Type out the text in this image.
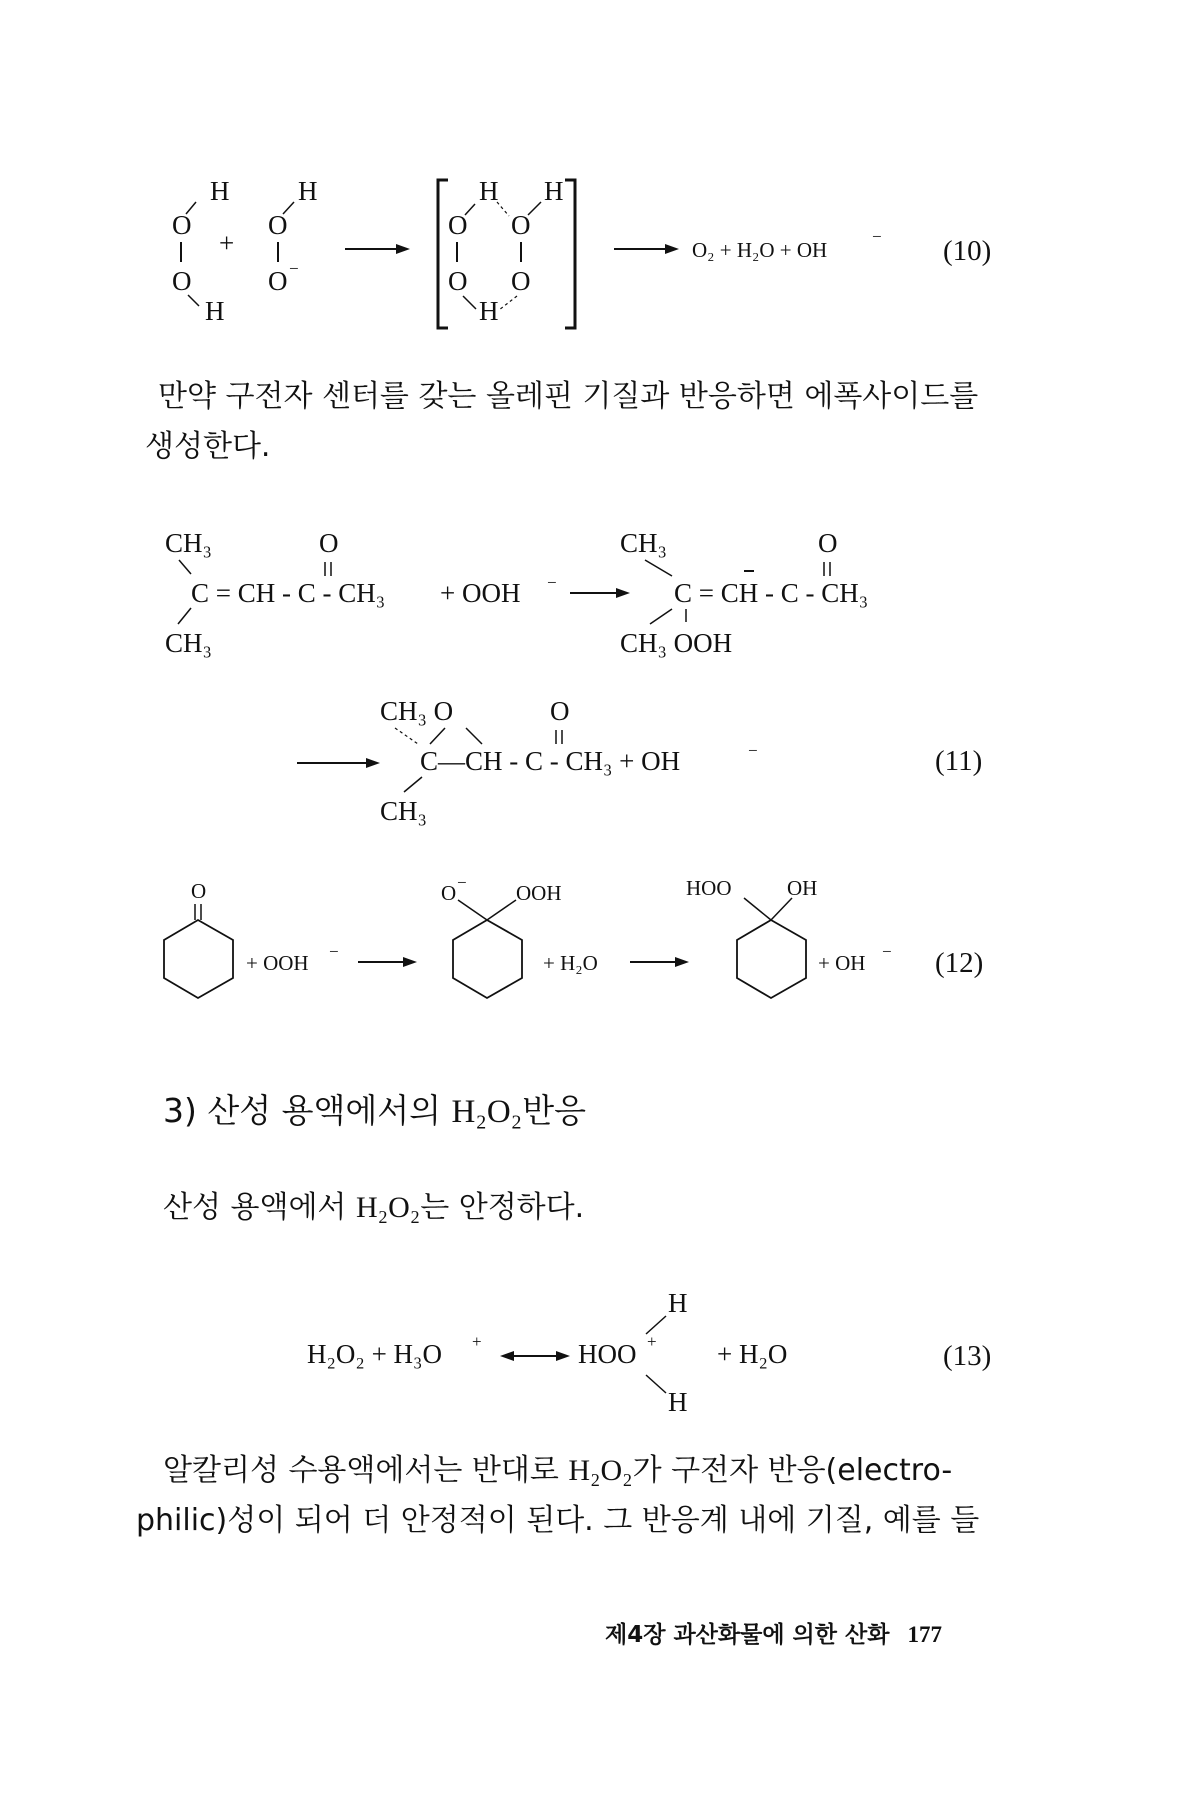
H
O
O
H
+
H
O
O −
H H
O O
O O
H
O₂ + H₂O + OH
− (10)
만약 구전자 센터를 갖는 올레핀 기질과 반응하면 에폭사이드를
생성한다.
CH₃	O
C = CH - C - CH₃
CH₃
+ OOH −
CH₃	O
C = CH - C - CH₃
CH₃ OOH
CH₃ O	O
C—CH - C - CH₃ + OH	−
CH₃
(11)
O
+ OOH −
O − OOH
+ H₂O
HOO	OH
+ OH − (12)
3) 산성 용액에서의 H₂O₂반응
산성 용액에서 H₂O₂는 안정하다.
H₂O₂ + H₃O +	HOO +
H
H
+ H₂O	(13)
알칼리성 수용액에서는 반대로 H₂O₂가 구전자 반응(electro-
philic)성이 되어 더 안정적이 된다. 그 반응계 내에 기질, 예를 들
제4장 과산화물에 의한 산화 177
